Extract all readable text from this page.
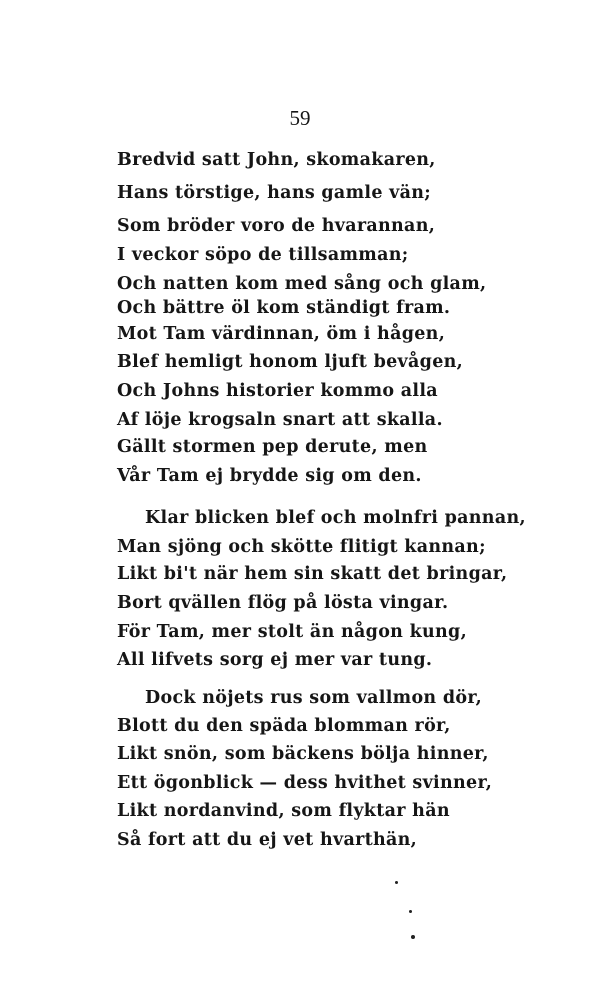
59
Bredvid satt John, skomakaren,
Hans törstige, hans gamle vän;
Som bröder voro de hvarannan,
I veckor söpo de tillsamman;
Och natten kom med sång och glam,
Och bättre öl kom ständigt fram.
Mot Tam värdinnan, öm i hågen,
Blef hemligt honom ljuft bevågen,
Och Johns historier kommo alla
Af löje krogsaln snart att skalla.
Gällt stormen pep derute, men
Vår Tam ej brydde sig om den.
Klar blicken blef och molnfri pannan,
Man sjöng och skötte flitigt kannan;
Likt bi't när hem sin skatt det bringar,
Bort qvällen flög på lösta vingar.
För Tam, mer stolt än någon kung,
All lifvets sorg ej mer var tung.
Dock nöjets rus som vallmon dör,
Blott du den späda blomman rör,
Likt snön, som bäckens bölja hinner,
Ett ögonblick — dess hvithet svinner,
Likt nordanvind, som flyktar hän
Så fort att du ej vet hvarthän,
